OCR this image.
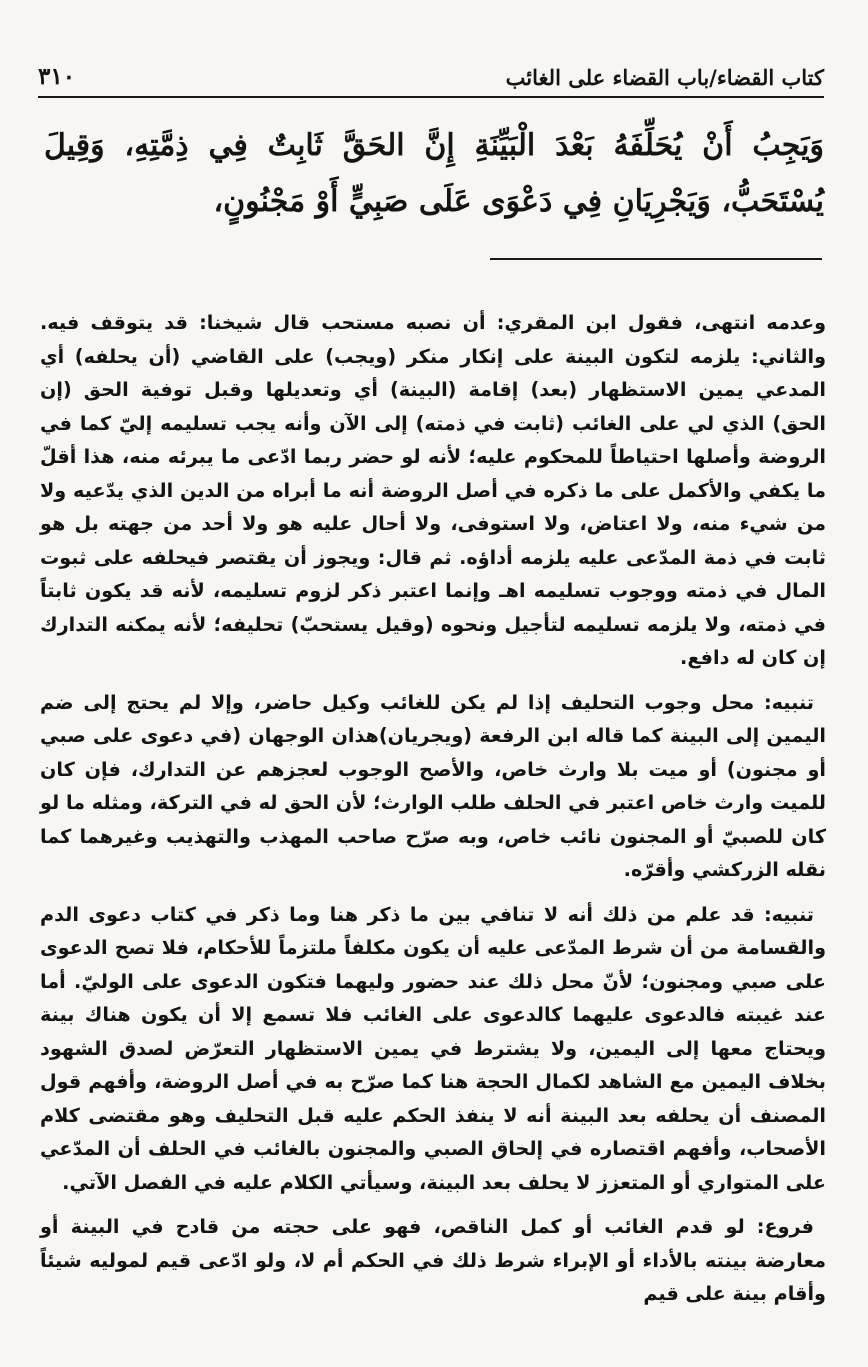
كتاب القضاء/باب القضاء على الغائب
٣١٠
وَيَجِبُ أَنْ يُحَلِّفَهُ بَعْدَ الْبَيِّنَةِ إِنَّ الحَقَّ ثَابِتٌ فِي ذِمَّتِهِ، وَقِيلَ يُسْتَحَبُّ، وَيَجْرِيَانِ فِي دَعْوَى عَلَى صَبِيٍّ أَوْ مَجْنُونٍ،

وعدمه انتهى، فقول ابن المقري: أن نصبه مستحب قال شيخنا: قد يتوقف فيه. والثاني: يلزمه لتكون البينة على إنكار منكر (ويجب) على القاضي (أن يحلفه) أي المدعي يمين الاستظهار (بعد) إقامة (البينة) أي وتعديلها وقبل توفية الحق (إن الحق) الذي لي على الغائب (ثابت في ذمته) إلى الآن وأنه يجب تسليمه إليّ كما في الروضة وأصلها احتياطاً للمحكوم عليه؛ لأنه لو حضر ربما ادّعى ما يبرئه منه، هذا أقلّ ما يكفي والأكمل على ما ذكره في أصل الروضة أنه ما أبراه من الدين الذي يدّعيه ولا من شيء منه، ولا اعتاض، ولا استوفى، ولا أحال عليه هو ولا أحد من جهته بل هو ثابت في ذمة المدّعى عليه يلزمه أداؤه. ثم قال: ويجوز أن يقتصر فيحلفه على ثبوت المال في ذمته ووجوب تسليمه اهـ وإنما اعتبر ذكر لزوم تسليمه، لأنه قد يكون ثابتاً في ذمته، ولا يلزمه تسليمه لتأجيل ونحوه (وقيل يستحبّ) تحليفه؛ لأنه يمكنه التدارك إن كان له دافع.

تنبيه: محل وجوب التحليف إذا لم يكن للغائب وكيل حاضر، وإلا لم يحتج إلى ضم اليمين إلى البينة كما قاله ابن الرفعة (ويجريان)هذان الوجهان (في دعوى على صبي أو مجنون) أو ميت بلا وارث خاص، والأصح الوجوب لعجزهم عن التدارك، فإن كان للميت وارث خاص اعتبر في الحلف طلب الوارث؛ لأن الحق له في التركة، ومثله ما لو كان للصبيّ أو المجنون نائب خاص، وبه صرّح صاحب المهذب والتهذيب وغيرهما كما نقله الزركشي وأقرّه.

تنبيه: قد علم من ذلك أنه لا تنافي بين ما ذكر هنا وما ذكر في كتاب دعوى الدم والقسامة من أن شرط المدّعى عليه أن يكون مكلفاً ملتزماً للأحكام، فلا تصح الدعوى على صبي ومجنون؛ لأنّ محل ذلك عند حضور وليهما فتكون الدعوى على الوليّ. أما عند غيبته فالدعوى عليهما كالدعوى على الغائب فلا تسمع إلا أن يكون هناك بينة ويحتاج معها إلى اليمين، ولا يشترط في يمين الاستظهار التعرّض لصدق الشهود بخلاف اليمين مع الشاهد لكمال الحجة هنا كما صرّح به في أصل الروضة، وأفهم قول المصنف أن يحلفه بعد البينة أنه لا ينفذ الحكم عليه قبل التحليف وهو مقتضى كلام الأصحاب، وأفهم اقتصاره في إلحاق الصبي والمجنون بالغائب في الحلف أن المدّعي على المتواري أو المتعزز لا يحلف بعد البينة، وسيأتي الكلام عليه في الفصل الآتي.

فروع: لو قدم الغائب أو كمل الناقص، فهو على حجته من قادح في البينة أو معارضة بينته بالأداء أو الإبراء شرط ذلك في الحكم أم لا، ولو ادّعى قيم لموليه شيئاً وأقام بينة على قيم
